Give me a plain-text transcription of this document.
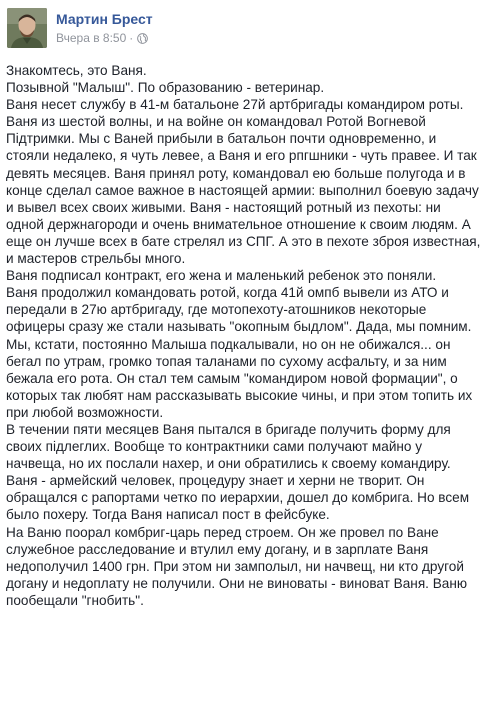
Мартин Брест
Вчера в 8:50 ·

Знакомтесь, это Ваня.

Позывной "Малыш". По образованию - ветеринар.

Ваня несет службу в 41-м батальоне 27й артбригады командиром роты. Ваня из шестой волны, и на войне он командовал Ротой Вогневой Підтримки. Мы с Ваней прибыли в батальон почти одновременно, и стояли недалеко, я чуть левее, а Ваня и его рпгшники - чуть правее. И так девять месяцев. Ваня принял роту, командовал ею больше полугода и в конце сделал самое важное в настоящей армии: выполнил боевую задачу и вывел всех своих живыми. Ваня - настоящий ротный из пехоты: ни одной держнагороди и очень внимательное отношение к своим людям. А еще он лучше всех в бате стрелял из СПГ. А это в пехоте зброя известная, и мастеров стрельбы много.

Ваня подписал контракт, его жена и маленький ребенок это поняли.

Ваня продолжил командовать ротой, когда 41й омпб вывели из АТО и передали в 27ю артбригаду, где мотопехоту-атошников некоторые офицеры сразу же стали называть "окопным быдлом". Дада, мы помним.

Мы, кстати, постоянно Малыша подкалывали, но он не обижался... он бегал по утрам, громко топая таланами по сухому асфальту, и за ним бежала его рота. Он стал тем самым "командиром новой формации", о которых так любят нам рассказывать высокие чины, и при этом топить их при любой возможности.

В течении пяти месяцев Ваня пытался в бригаде получить форму для своих підлеглих. Вообще то контрактники сами получают майно у начвеща, но их послали нахер, и они обратились к своему командиру. Ваня - армейский человек, процедуру знает и херни не творит. Он обращался с рапортами четко по иерархии, дошел до комбрига. Но всем было похеру. Тогда Ваня написал пост в фейсбуке.

На Ваню поорал комбриг-царь перед строем. Он же провел по Ване служебное расследование и втулил ему догану, и в зарплате Ваня недополучил 1400 грн. При этом ни замполыл, ни начвещ, ни кто другой догану и недоплату не получили. Они не виноваты - виноват Ваня. Ваню пообещали "гнобить".
